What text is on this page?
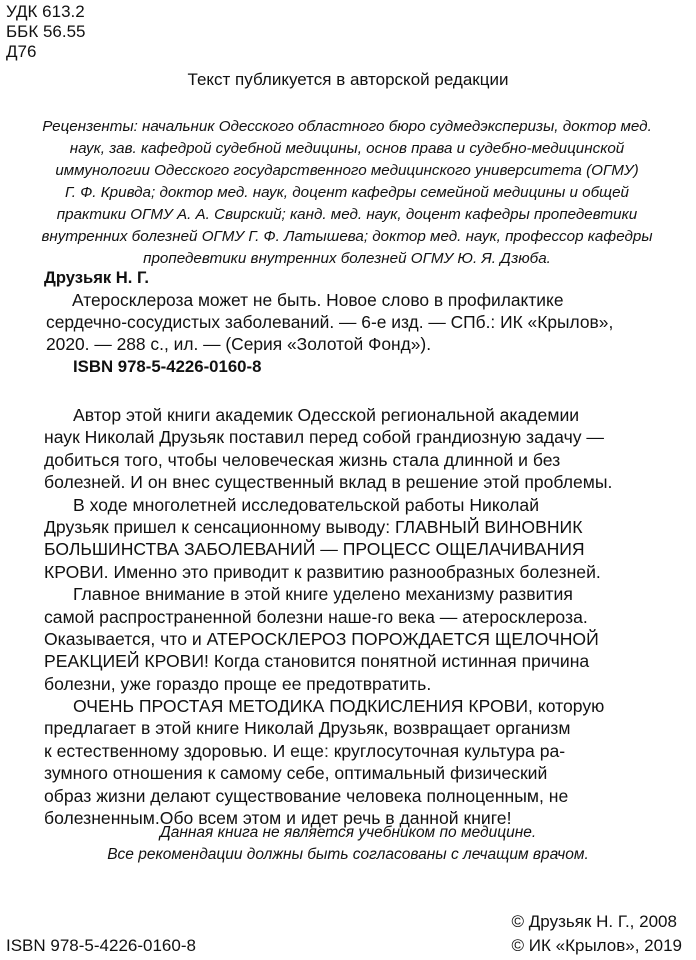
УДК 613.2
ББК 56.55
Д76
Текст публикуется в авторской редакции
Рецензенты: начальник Одесского областного бюро судмедэксперизы, доктор мед.
наук, зав. кафедрой судебной медицины, основ права и судебно-медицинской
иммунологии Одесского государственного медицинского университета (ОГМУ)
Г. Ф. Кривда; доктор мед. наук, доцент кафедры семейной медицины и общей
практики ОГМУ А. А. Свирский; канд. мед. наук, доцент кафедры пропедевтики
внутренних болезней ОГМУ Г. Ф. Латышева; доктор мед. наук, профессор кафедры
пропедевтики внутренних болезней ОГМУ Ю. Я. Дзюба.
Друзьяк Н. Г.
Атеросклероза может не быть. Новое слово в профилактике
сердечно-сосудистых заболеваний. — 6-е изд. — СПб.: ИК «Крылов»,
2020. — 288 с., ил. — (Серия «Золотой Фонд»).
ISBN 978-5-4226-0160-8
Автор этой книги академик Одесской региональной академии
наук Николай Друзьяк поставил перед собой грандиозную задачу —
добиться того, чтобы человеческая жизнь стала длинной и без
болезней. И он внес существенный вклад в решение этой проблемы.
В ходе многолетней исследовательской работы Николай
Друзьяк пришел к сенсационному выводу: ГЛАВНЫЙ ВИНОВНИК
БОЛЬШИНСТВА ЗАБОЛЕВАНИЙ — ПРОЦЕСС ОЩЕЛАЧИВАНИЯ
КРОВИ. Именно это приводит к развитию разнообразных болезней.
Главное внимание в этой книге уделено механизму развития
самой распространенной болезни наше-го века — атеросклероза.
Оказывается, что и АТЕРОСКЛЕРОЗ ПОРОЖДАЕТСЯ ЩЕЛОЧНОЙ
РЕАКЦИЕЙ КРОВИ! Когда становится понятной истинная причина
болезни, уже гораздо проще ее предотвратить.
ОЧЕНЬ ПРОСТАЯ МЕТОДИКА ПОДКИСЛЕНИЯ КРОВИ, которую
предлагает в этой книге Николай Друзьяк, возвращает организм
к естественному здоровью. И еще: круглосуточная культура ра-
зумного отношения к самому себе, оптимальный физический
образ жизни делают существование человека полноценным, не
болезненным.Обо всем этом и идет речь в данной книге!
Данная книга не является учебником по медицине.
Все рекомендации должны быть согласованы с лечащим врачом.
© Друзьяк Н. Г., 2008
© ИК «Крылов», 2019
ISBN 978-5-4226-0160-8
